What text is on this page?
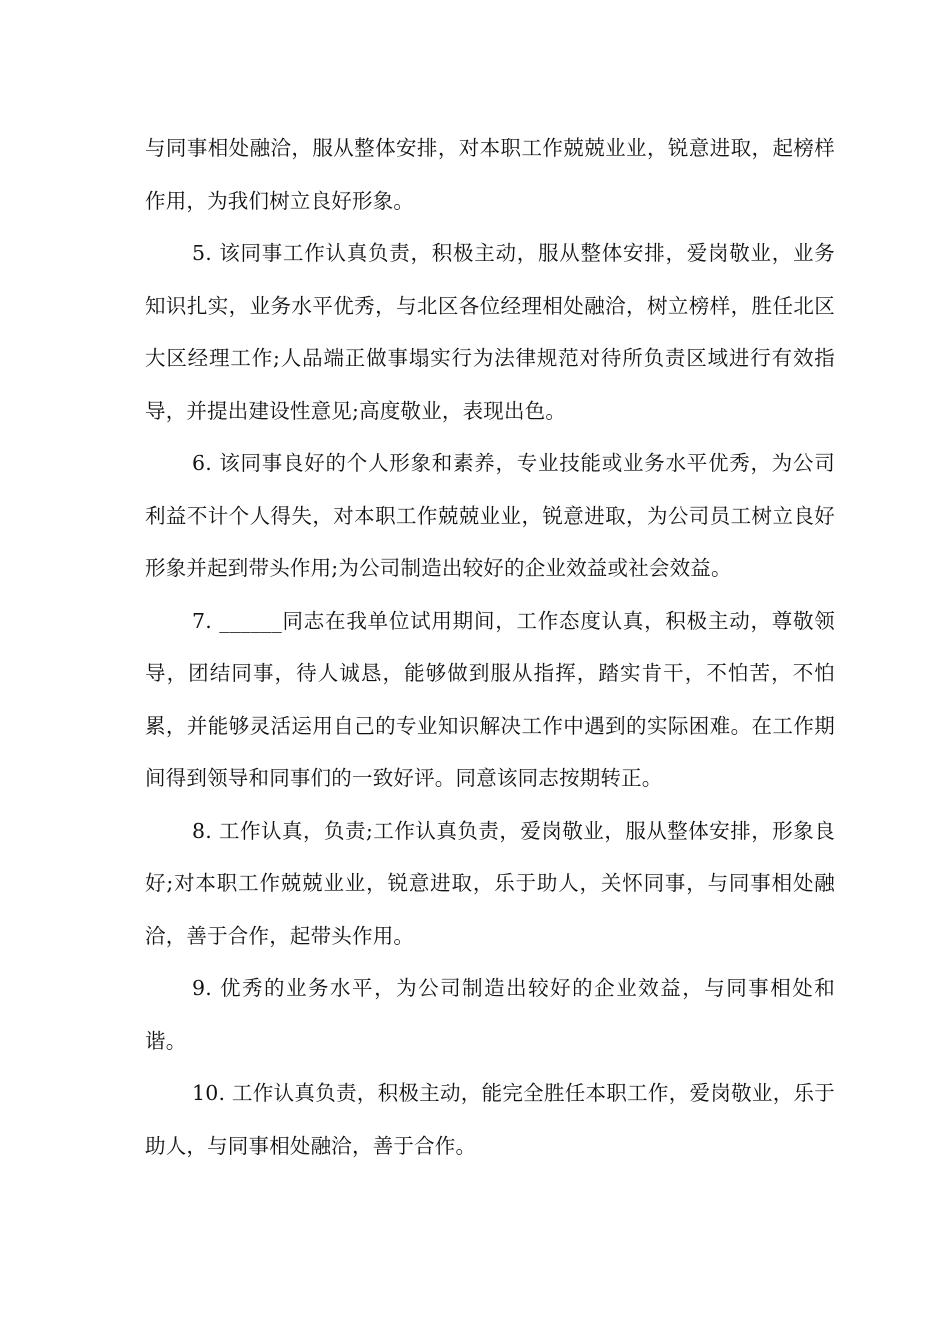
与同事相处融洽，服从整体安排，对本职工作兢兢业业，锐意进取，起榜样作用，为我们树立良好形象。

5. 该同事工作认真负责，积极主动，服从整体安排，爱岗敬业，业务知识扎实，业务水平优秀，与北区各位经理相处融洽，树立榜样，胜任北区大区经理工作;人品端正做事塌实行为法律规范对待所负责区域进行有效指导，并提出建设性意见;高度敬业，表现出色。

6. 该同事良好的个人形象和素养，专业技能或业务水平优秀，为公司利益不计个人得失，对本职工作兢兢业业，锐意进取，为公司员工树立良好形象并起到带头作用;为公司制造出较好的企业效益或社会效益。

7. ______同志在我单位试用期间，工作态度认真，积极主动，尊敬领导，团结同事，待人诚恳，能够做到服从指挥，踏实肯干，不怕苦，不怕累，并能够灵活运用自己的专业知识解决工作中遇到的实际困难。在工作期间得到领导和同事们的一致好评。同意该同志按期转正。

8. 工作认真，负责;工作认真负责，爱岗敬业，服从整体安排，形象良好;对本职工作兢兢业业，锐意进取，乐于助人，关怀同事，与同事相处融洽，善于合作，起带头作用。

9. 优秀的业务水平，为公司制造出较好的企业效益，与同事相处和谐。

10. 工作认真负责，积极主动，能完全胜任本职工作，爱岗敬业，乐于助人，与同事相处融洽，善于合作。
